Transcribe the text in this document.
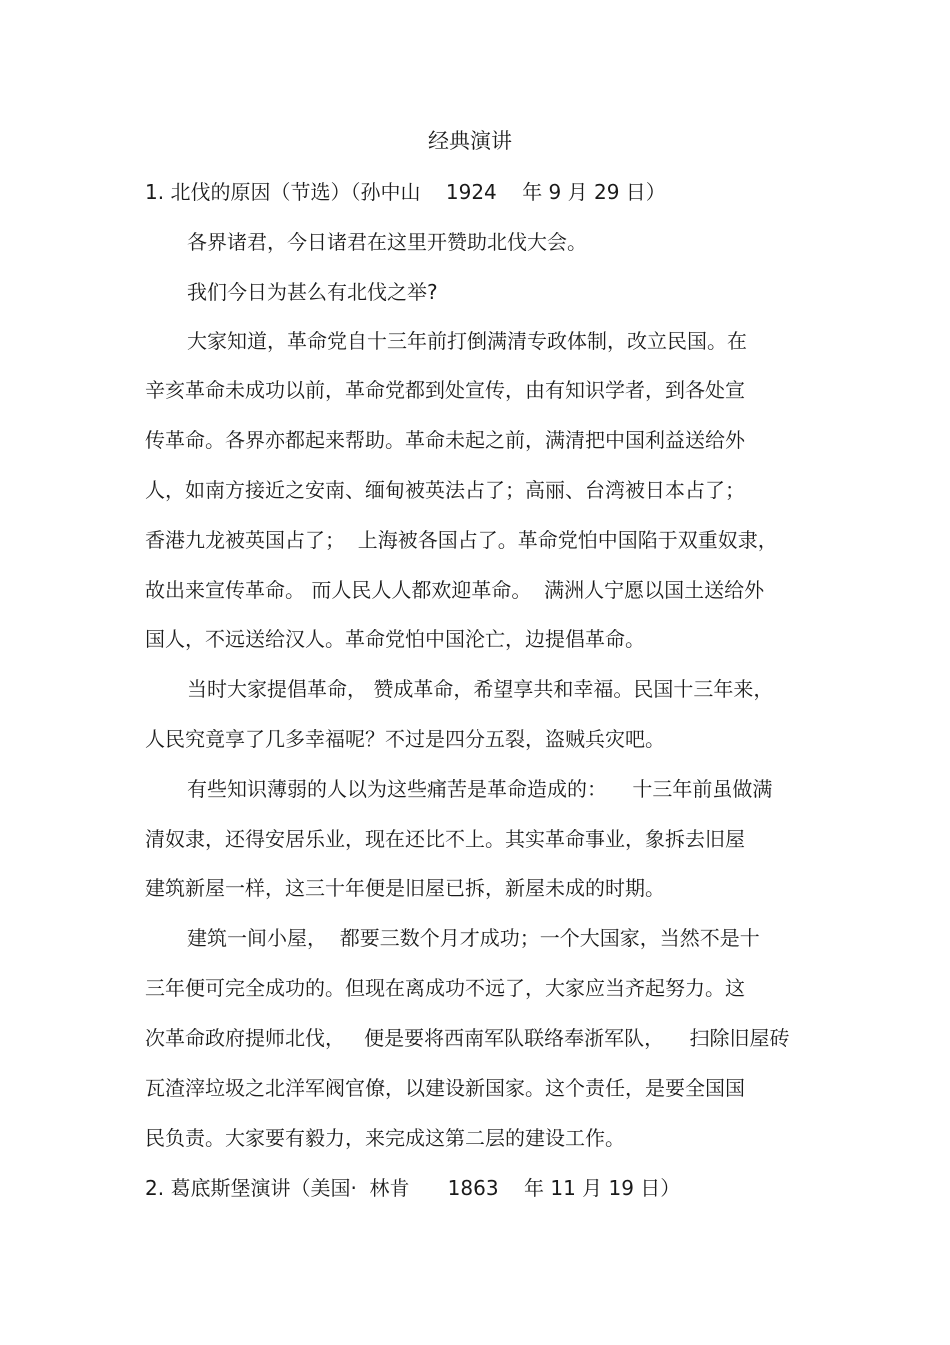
经典演讲
1. 北伐的原因（节选）（孙中山    1924    年 9 月 29 日）

各界诸君，今日诸君在这里开赞助北伐大会。

我们今日为甚么有北伐之举?

大家知道，革命党自十三年前打倒满清专政体制，改立民国。在

辛亥革命未成功以前，革命党都到处宣传，由有知识学者，到各处宣

传革命。各界亦都起来帮助。革命未起之前，满清把中国利益送给外

人，如南方接近之安南、缅甸被英法占了；高丽、台湾被日本占了；

香港九龙被英国占了；  上海被各国占了。革命党怕中国陷于双重奴隶，

故出来宣传革命。 而人民人人都欢迎革命。  满洲人宁愿以国土送给外

国人，不远送给汉人。革命党怕中国沦亡，边提倡革命。

当时大家提倡革命， 赞成革命，希望享共和幸福。民国十三年来，

人民究竟享了几多幸福呢？不过是四分五裂，盗贼兵灾吧。

有些知识薄弱的人以为这些痛苦是革命造成的：    十三年前虽做满

清奴隶，还得安居乐业，现在还比不上。其实革命事业，象拆去旧屋

建筑新屋一样，这三十年便是旧屋已拆，新屋未成的时期。

建筑一间小屋，  都要三数个月才成功；一个大国家，当然不是十

三年便可完全成功的。但现在离成功不远了，大家应当齐起努力。这

次革命政府提师北伐，   便是要将西南军队联络奉浙军队，    扫除旧屋砖

瓦渣滓垃圾之北洋军阀官僚，以建设新国家。这个责任，是要全国国

民负责。大家要有毅力，来完成这第二层的建设工作。

2. 葛底斯堡演讲（美国·  林肯      1863    年 11 月 19 日）
